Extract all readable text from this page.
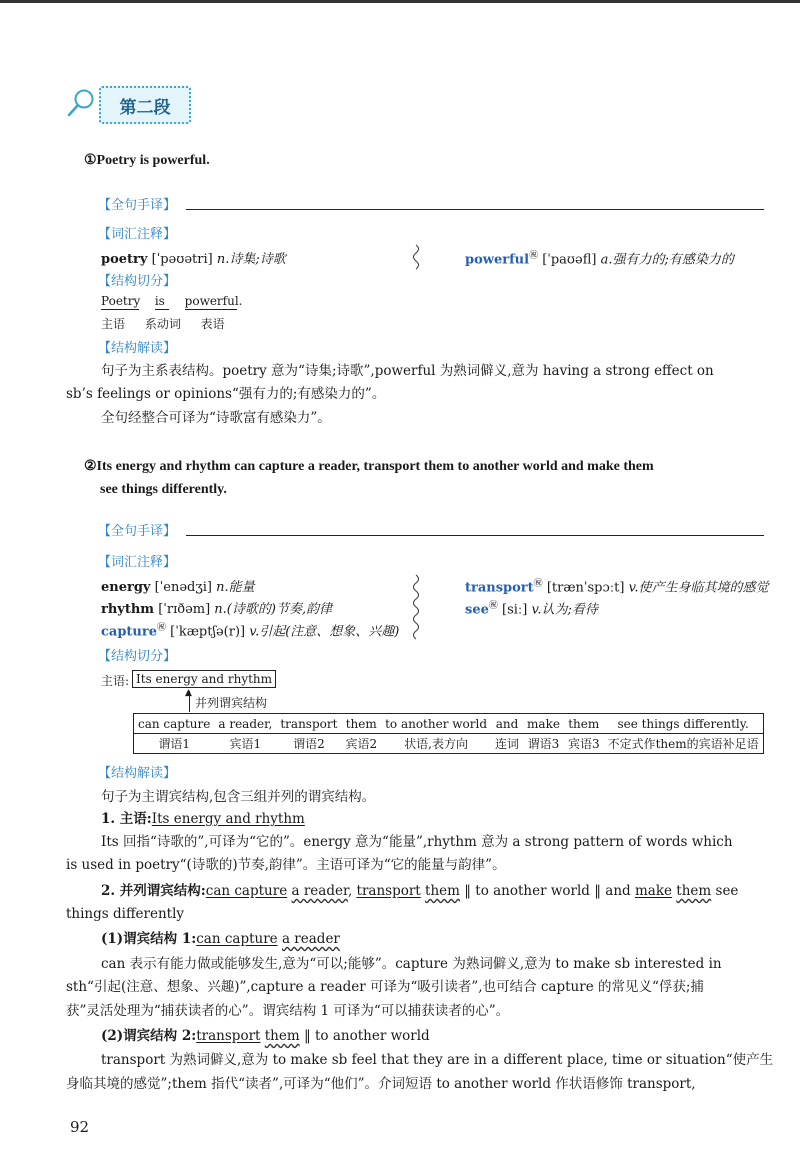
第二段
①Poetry is powerful.
【全句手译】
【词汇注释】
poetry [ˈpəʊətri] n.诗集;诗歌	powerful㊗ [ˈpaʊəfl] a.强有力的;有感染力的
【结构切分】
Poetry is powerful.
主语 系动词 表语
【结构解读】
句子为主系表结构。poetry 意为“诗集;诗歌”,powerful 为熟词僻义,意为 having a strong effect on
sb’s feelings or opinions“强有力的;有感染力的”。
全句经整合可译为“诗歌富有感染力”。
②Its energy and rhythm can capture a reader, transport them to another world and make them
see things differently.
【全句手译】
【词汇注释】
energy [ˈenədʒi] n.能量
rhythm [ˈrɪðəm] n.(诗歌的)节奏,韵律
capture㊗ [ˈkæptʃə(r)] v.引起(注意、想象、兴趣)
transport㊗ [trænˈspɔːt] v.使产生身临其境的感觉
see㊗ [siː] v.认为;看待
【结构切分】
主语: Its energy and rhythm
▲
并列谓宾结构
can capture	a reader,	transport	them	to another world	and	make	them	see things differently.
谓语1	宾语1	谓语2	宾语2	状语,表方向	连词	谓语3	宾语3	不定式作them的宾语补足语
【结构解读】
句子为主谓宾结构,包含三组并列的谓宾结构。
1. 主语:Its energy and rhythm
Its 回指“诗歌的”,可译为“它的”。energy 意为“能量”,rhythm 意为 a strong pattern of words which
is used in poetry“(诗歌的)节奏,韵律”。主语可译为“它的能量与韵律”。
2. 并列谓宾结构:can capture a reader, transport them ‖ to another world ‖ and make them see
things differently
(1)谓宾结构 1:can capture a reader
can 表示有能力做或能够发生,意为“可以;能够”。capture 为熟词僻义,意为 to make sb interested in
sth“引起(注意、想象、兴趣)”,capture a reader 可译为“吸引读者”,也可结合 capture 的常见义“俘获;捕
获”灵活处理为“捕获读者的心”。谓宾结构 1 可译为“可以捕获读者的心”。
(2)谓宾结构 2:transport them ‖ to another world
transport 为熟词僻义,意为 to make sb feel that they are in a different place, time or situation“使产生
身临其境的感觉”;them 指代“读者”,可译为“他们”。介词短语 to another world 作状语修饰 transport,
92
